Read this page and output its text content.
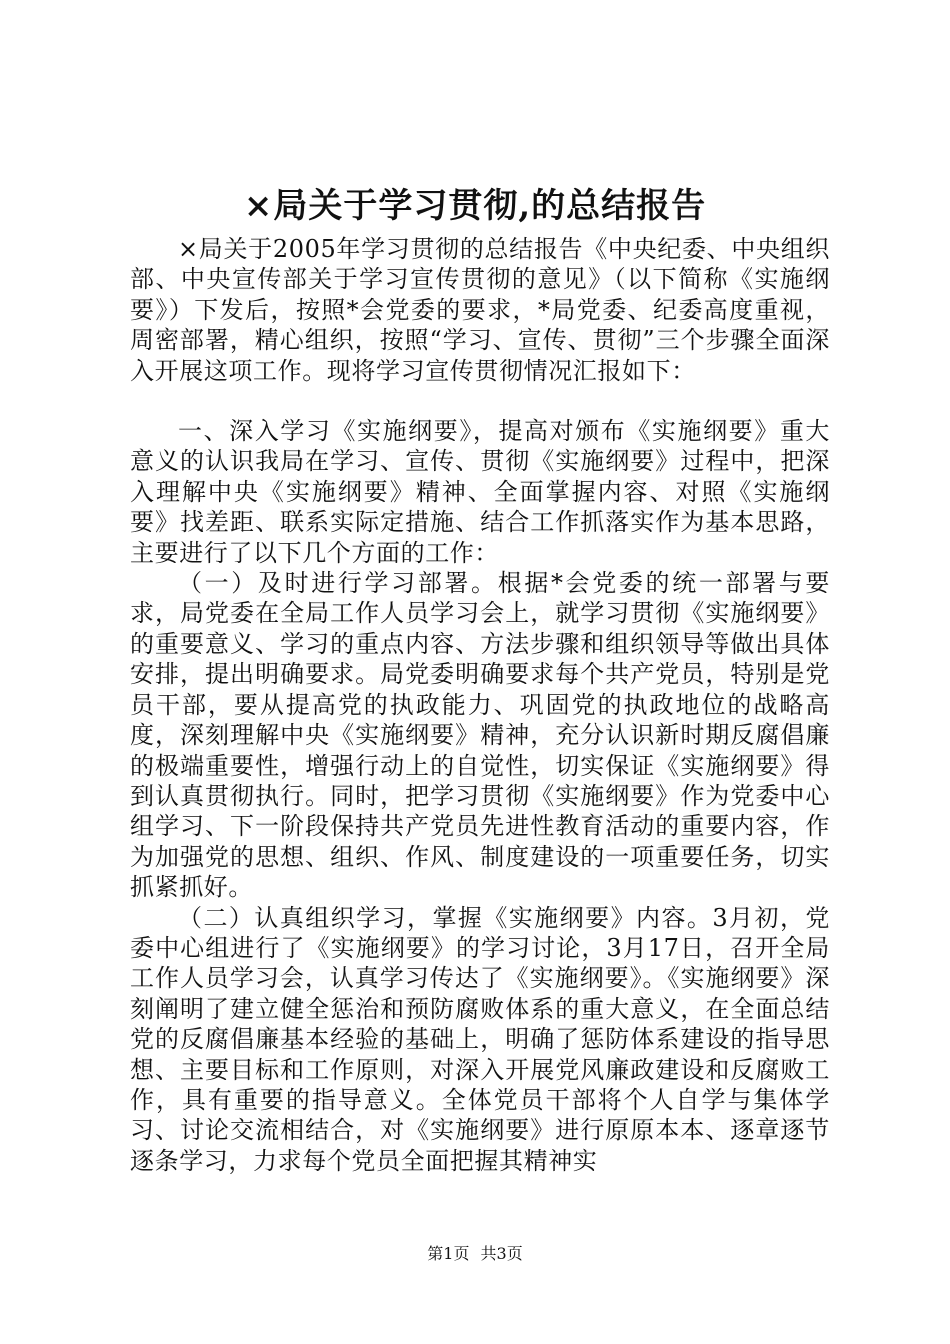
×局关于学习贯彻,的总结报告

×局关于2005年学习贯彻的总结报告《中央纪委、中央组织部、中央宣传部关于学习宣传贯彻的意见》（以下简称《实施纲要》）下发后，按照*会党委的要求，*局党委、纪委高度重视，周密部署，精心组织，按照“学习、宣传、贯彻”三个步骤全面深入开展这项工作。现将学习宣传贯彻情况汇报如下：

一、深入学习《实施纲要》，提高对颁布《实施纲要》重大意义的认识我局在学习、宣传、贯彻《实施纲要》过程中，把深入理解中央《实施纲要》精神、全面掌握内容、对照《实施纲要》找差距、联系实际定措施、结合工作抓落实作为基本思路，主要进行了以下几个方面的工作：

（一）及时进行学习部署。根据*会党委的统一部署与要求，局党委在全局工作人员学习会上，就学习贯彻《实施纲要》的重要意义、学习的重点内容、方法步骤和组织领导等做出具体安排，提出明确要求。局党委明确要求每个共产党员，特别是党员干部，要从提高党的执政能力、巩固党的执政地位的战略高度，深刻理解中央《实施纲要》精神，充分认识新时期反腐倡廉的极端重要性，增强行动上的自觉性，切实保证《实施纲要》得到认真贯彻执行。同时，把学习贯彻《实施纲要》作为党委中心组学习、下一阶段保持共产党员先进性教育活动的重要内容，作为加强党的思想、组织、作风、制度建设的一项重要任务，切实抓紧抓好。

（二）认真组织学习，掌握《实施纲要》内容。3月初，党委中心组进行了《实施纲要》的学习讨论，3月17日，召开全局工作人员学习会，认真学习传达了《实施纲要》。《实施纲要》深刻阐明了建立健全惩治和预防腐败体系的重大意义，在全面总结党的反腐倡廉基本经验的基础上，明确了惩防体系建设的指导思想、主要目标和工作原则，对深入开展党风廉政建设和反腐败工作，具有重要的指导意义。全体党员干部将个人自学与集体学习、讨论交流相结合，对《实施纲要》进行原原本本、逐章逐节逐条学习，力求每个党员全面把握其精神实

第1页 共3页
